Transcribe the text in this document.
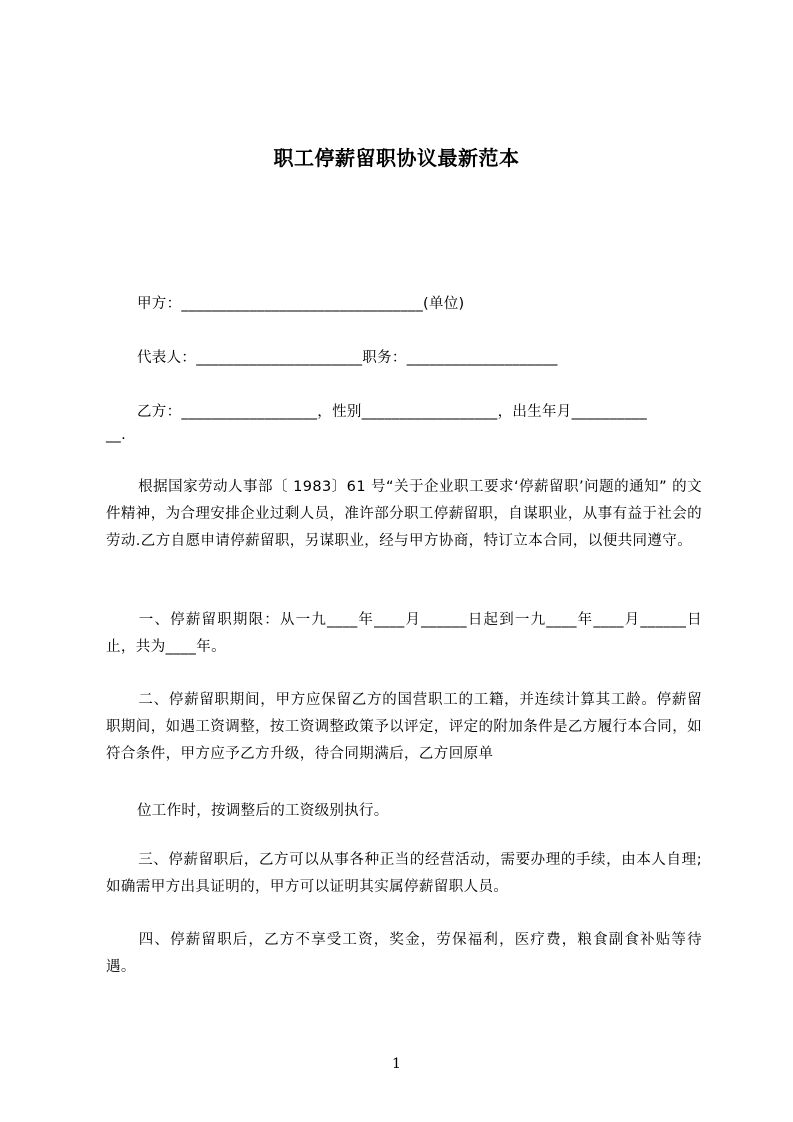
职工停薪留职协议最新范本
甲方：________________________________(单位)
代表人：______________________职务：____________________
乙方：__________________，性别__________________，出生年月__________
__.
根据国家劳动人事部〔 1983〕61 号“关于企业职工要求‘停薪留职’问题的通知” 的文件精神，为合理安排企业过剩人员，准许部分职工停薪留职，自谋职业，从事有益于社会的劳动.乙方自愿申请停薪留职，另谋职业，经与甲方协商，特订立本合同，以便共同遵守。
一、停薪留职期限：从一九____年____月______日起到一九____年____月______日止，共为____年。
二、停薪留职期间，甲方应保留乙方的国营职工的工籍，并连续计算其工龄。停薪留职期间，如遇工资调整，按工资调整政策予以评定，评定的附加条件是乙方履行本合同，如符合条件，甲方应予乙方升级，待合同期满后，乙方回原单
位工作时，按调整后的工资级别执行。
三、停薪留职后，乙方可以从事各种正当的经营活动，需要办理的手续，由本人自理;如确需甲方出具证明的，甲方可以证明其实属停薪留职人员。
四、停薪留职后，乙方不享受工资，奖金，劳保福利，医疗费，粮食副食补贴等待遇。
1
